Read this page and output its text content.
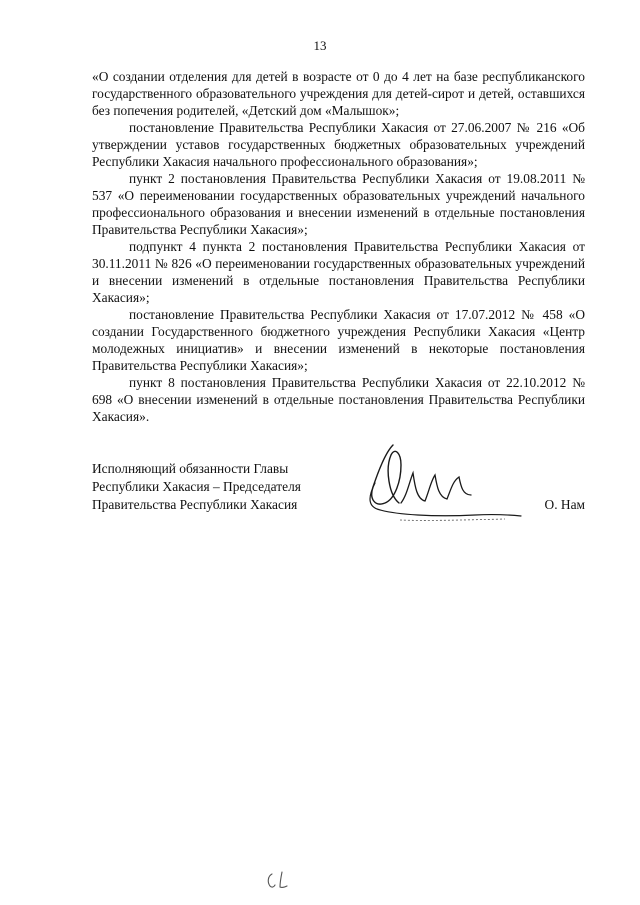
13

«О создании отделения для детей в возрасте от 0 до 4 лет на базе республиканского государственного образовательного учреждения для детей-сирот и детей, оставшихся без попечения родителей, «Детский дом «Малышок»;

постановление Правительства Республики Хакасия от 27.06.2007 № 216 «Об утверждении уставов государственных бюджетных образовательных учреждений Республики Хакасия начального профессионального образования»;

пункт 2 постановления Правительства Республики Хакасия от 19.08.2011 № 537 «О переименовании государственных образовательных учреждений начального профессионального образования и внесении изменений в отдельные постановления Правительства Республики Хакасия»;

подпункт 4 пункта 2 постановления Правительства Республики Хакасия от 30.11.2011 № 826 «О переименовании государственных образовательных учреждений и внесении изменений в отдельные постановления Правительства Республики Хакасия»;

постановление Правительства Республики Хакасия от 17.07.2012 № 458 «О создании Государственного бюджетного учреждения Республики Хакасия «Центр молодежных инициатив» и внесении изменений в некоторые постановления Правительства Республики Хакасия»;

пункт 8 постановления Правительства Республики Хакасия от 22.10.2012 № 698 «О внесении изменений в отдельные постановления Правительства Республики Хакасия».

Исполняющий обязанности Главы
Республики Хакасия – Председателя
Правительства Республики Хакасия	О. Нам
